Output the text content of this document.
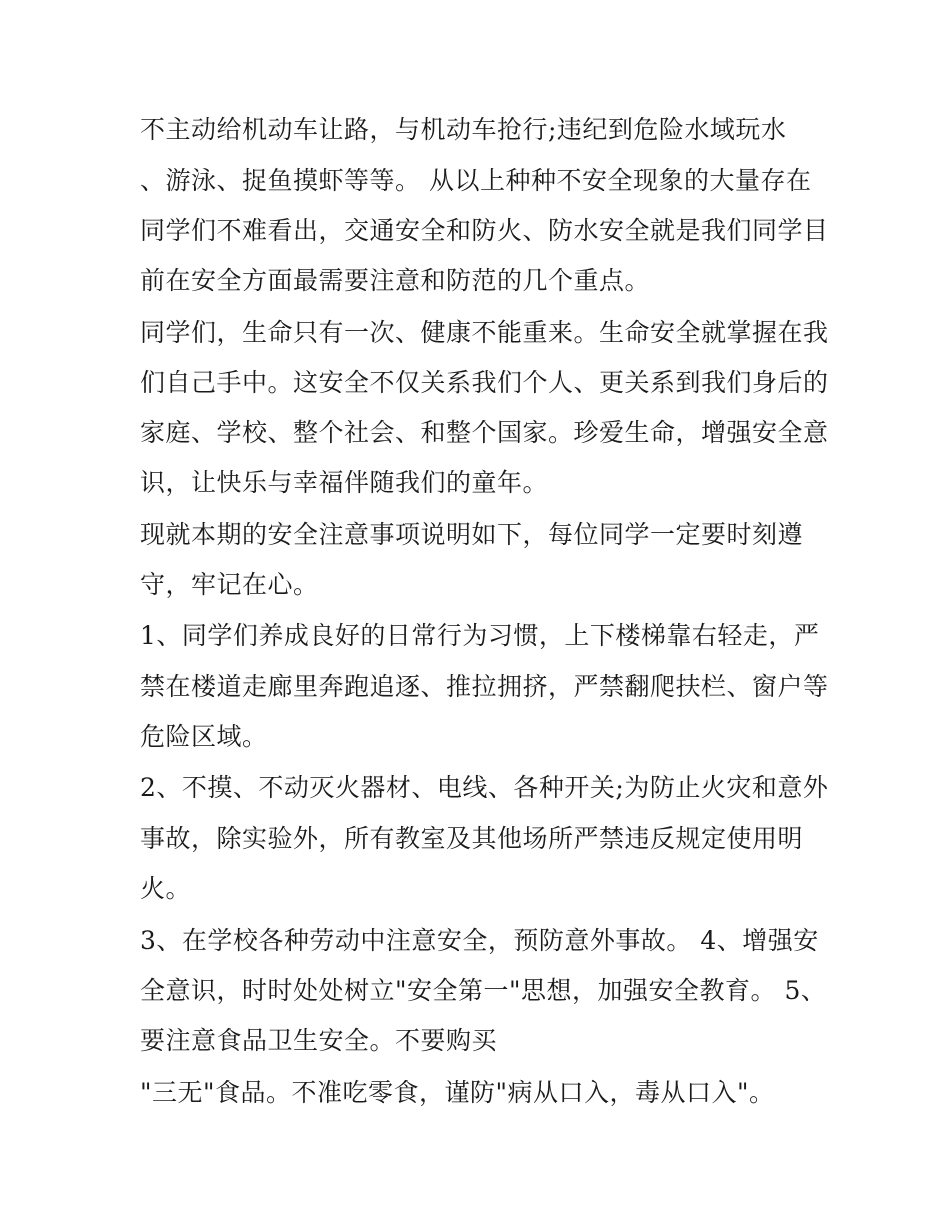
不主动给机动车让路，与机动车抢行;违纪到危险水域玩水
、游泳、捉鱼摸虾等等。 从以上种种不安全现象的大量存在
同学们不难看出，交通安全和防火、防水安全就是我们同学目
前在安全方面最需要注意和防范的几个重点。
同学们，生命只有一次、健康不能重来。生命安全就掌握在我
们自己手中。这安全不仅关系我们个人、更关系到我们身后的
家庭、学校、整个社会、和整个国家。珍爱生命，增强安全意
识，让快乐与幸福伴随我们的童年。
现就本期的安全注意事项说明如下，每位同学一定要时刻遵
守，牢记在心。
1、同学们养成良好的日常行为习惯，上下楼梯靠右轻走，严
禁在楼道走廊里奔跑追逐、推拉拥挤，严禁翻爬扶栏、窗户等
危险区域。
2、不摸、不动灭火器材、电线、各种开关;为防止火灾和意外
事故，除实验外，所有教室及其他场所严禁违反规定使用明
火。
3、在学校各种劳动中注意安全，预防意外事故。 4、增强安
全意识，时时处处树立"安全第一"思想，加强安全教育。 5、
要注意食品卫生安全。不要购买
"三无"食品。不准吃零食，谨防"病从口入，毒从口入"。
